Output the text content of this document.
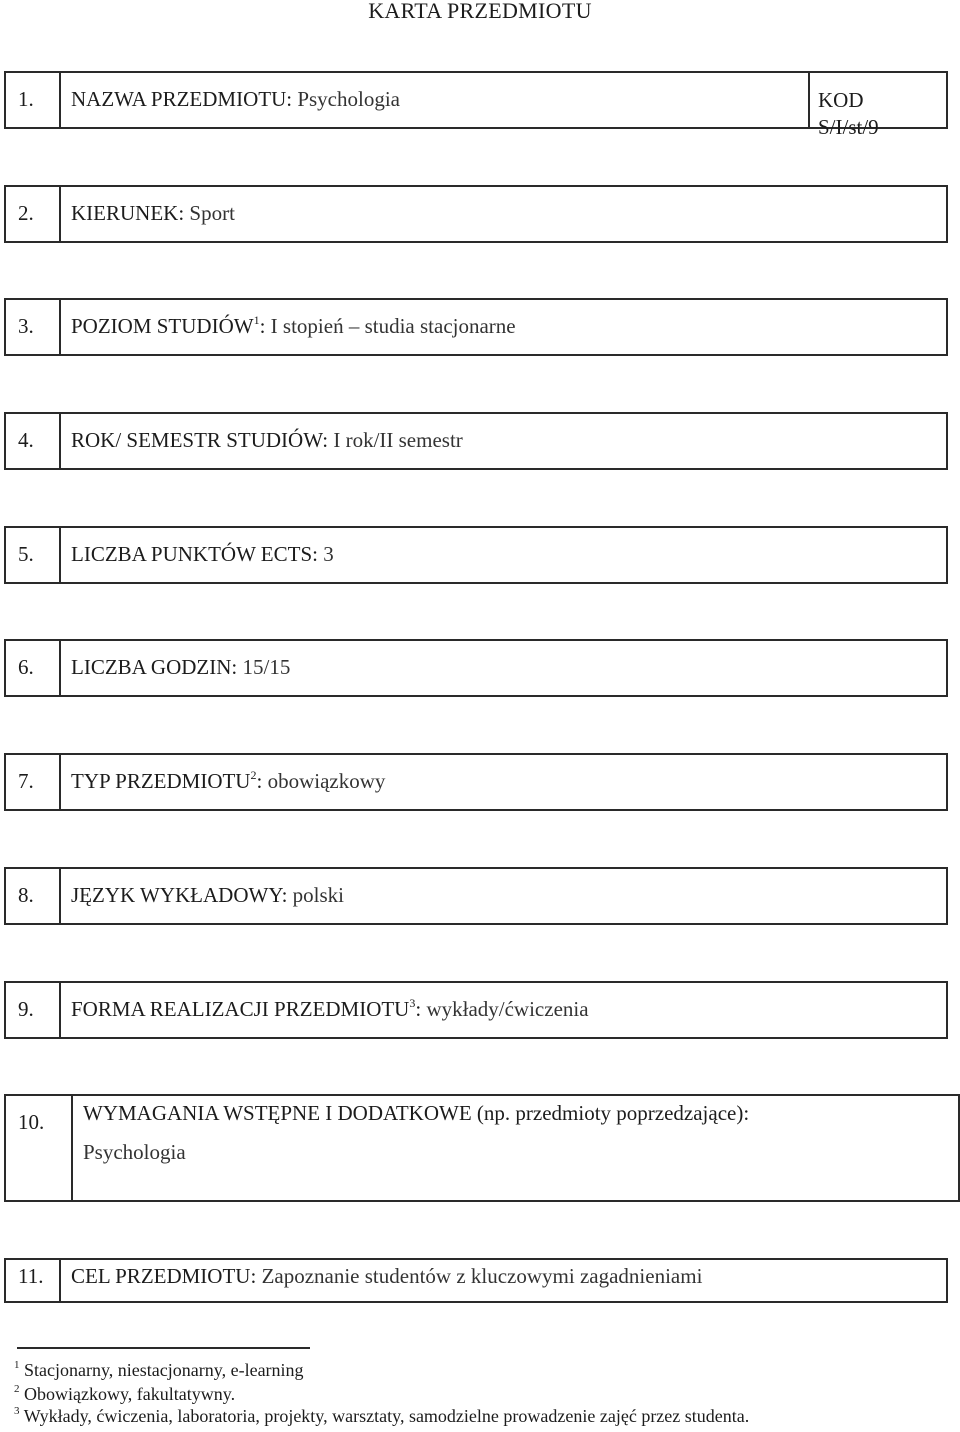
KARTA PRZEDMIOTU
1.	NAZWA PRZEDMIOTU: Psychologia	KOD
S/I/st/9
2.	KIERUNEK: Sport
3.	POZIOM STUDIÓW$^1$: I stopień – studia stacjonarne
4.	ROK/ SEMESTR STUDIÓW: I rok/II semestr
5.	LICZBA PUNKTÓW ECTS: 3
6.	LICZBA GODZIN: 15/15
7.	TYP PRZEDMIOTU$^2$: obowiązkowy
8.	JĘZYK WYKŁADOWY: polski
9.	FORMA REALIZACJI PRZEDMIOTU$^3$: wykłady/ćwiczenia
10.	WYMAGANIA WSTĘPNE I DODATKOWE (np. przedmioty poprzedzające):
Psychologia
11.	CEL PRZEDMIOTU: Zapoznanie studentów z kluczowymi zagadnieniami
$^1$ Stacjonarny, niestacjonarny, e-learning
$^2$ Obowiązkowy, fakultatywny.
$^3$ Wykłady, ćwiczenia, laboratoria, projekty, warsztaty, samodzielne prowadzenie zajęć przez studenta.
